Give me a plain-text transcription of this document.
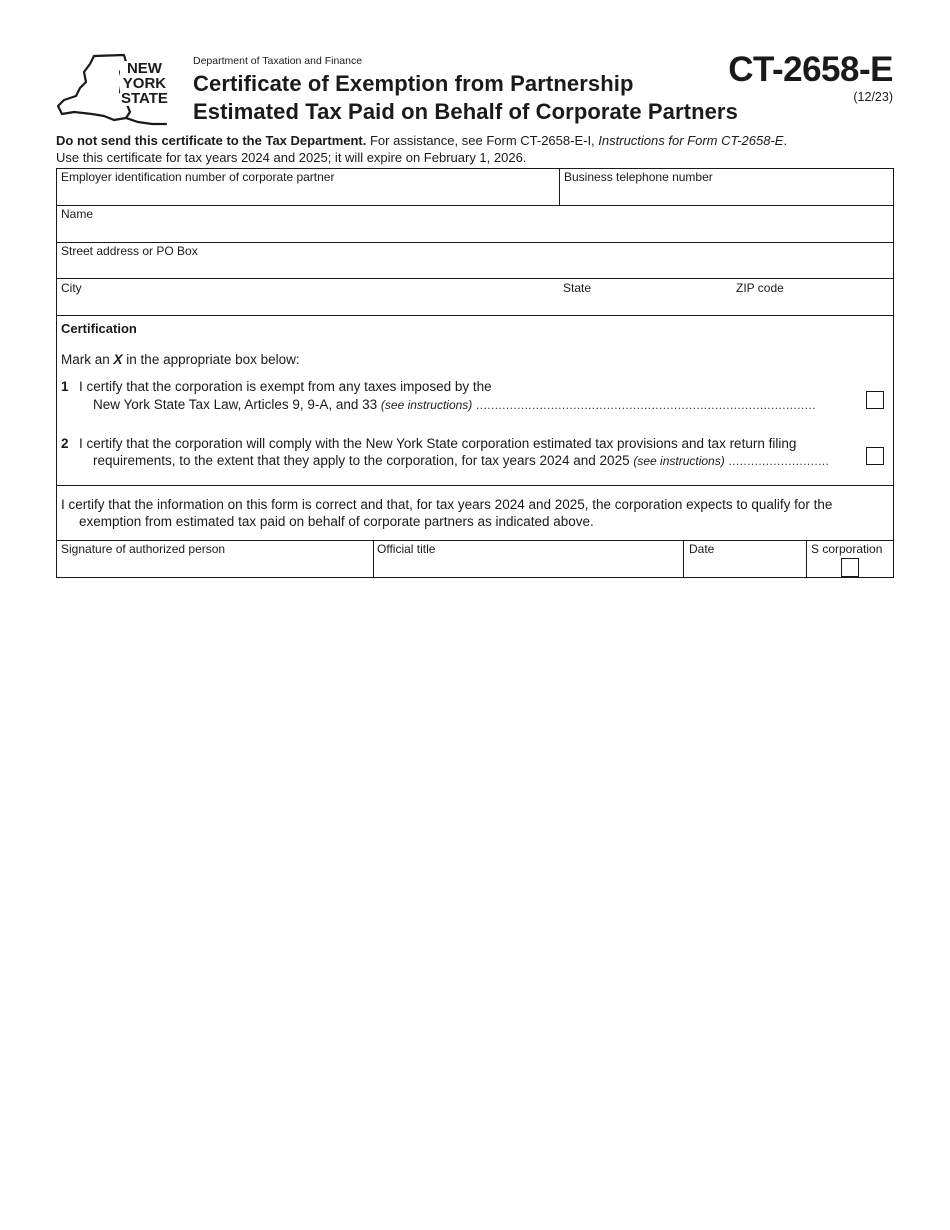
NEW
YORK
STATE
Department of Taxation and Finance
Certificate of Exemption from Partnership
Estimated Tax Paid on Behalf of Corporate Partners
CT-2658-E
(12/23)
Do not send this certificate to the Tax Department. For assistance, see Form CT-2658-E-I, Instructions for Form CT-2658-E.
Use this certificate for tax years 2024 and 2025; it will expire on February 1, 2026.
Employer identification number of corporate partner	Business telephone number
Name
Street address or PO Box
City	State	ZIP code
Certification
Mark an X in the appropriate box below:
1 I certify that the corporation is exempt from any taxes imposed by the
New York State Tax Law, Articles 9, 9-A, and 33 (see instructions) ...........................................................................................
2 I certify that the corporation will comply with the New York State corporation estimated tax provisions and tax return filing
requirements, to the extent that they apply to the corporation, for tax years 2024 and 2025 (see instructions) ...........................
I certify that the information on this form is correct and that, for tax years 2024 and 2025, the corporation expects to qualify for the
exemption from estimated tax paid on behalf of corporate partners as indicated above.
Signature of authorized person	Official title	Date	S corporation
